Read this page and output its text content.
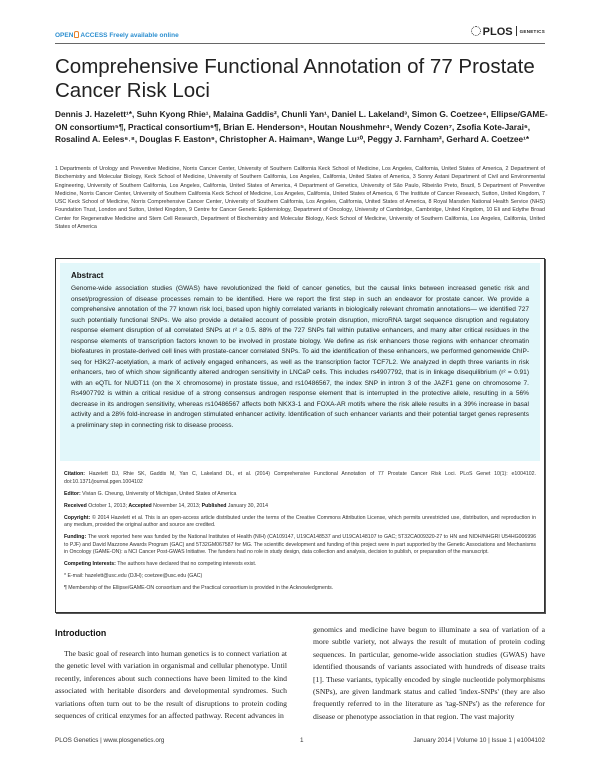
OPEN ACCESS Freely available online	PLOS GENETICS
Comprehensive Functional Annotation of 77 Prostate Cancer Risk Loci
Dennis J. Hazelett¹*, Suhn Kyong Rhie¹, Malaina Gaddis², Chunli Yan¹, Daniel L. Lakeland³, Simon G. Coetzee⁴, Ellipse/GAME-ON consortium⁵¶, Practical consortium⁶¶, Brian E. Henderson⁵, Houtan Noushmehr⁴, Wendy Cozen⁷, Zsofia Kote-Jarai⁶, Rosalind A. Eeles⁶˒⁸, Douglas F. Easton⁹, Christopher A. Haiman⁵, Wange Lu¹⁰, Peggy J. Farnham², Gerhard A. Coetzee¹*
1 Departments of Urology and Preventive Medicine, Norris Cancer Center, University of Southern California Keck School of Medicine, Los Angeles, California, United States of America, 2 Department of Biochemistry and Molecular Biology, Keck School of Medicine, University of Southern California, Los Angeles, California, United States of America, 3 Sonny Astani Department of Civil and Environmental Engineering, University of Southern California, Los Angeles, California, United States of America, 4 Department of Genetics, University of São Paulo, Ribeirão Preto, Brazil, 5 Department of Preventive Medicine, Norris Cancer Center, University of Southern California Keck School of Medicine, Los Angeles, California, United States of America, 6 The Institute of Cancer Research, Sutton, United Kingdom, 7 USC Keck School of Medicine, Norris Comprehensive Cancer Center, University of Southern California, Los Angeles, California, United States of America, 8 Royal Marsden National Health Service (NHS) Foundation Trust, London and Sutton, United Kingdom, 9 Centre for Cancer Genetic Epidemiology, Department of Oncology, University of Cambridge, Cambridge, United Kingdom, 10 Eli and Edythe Broad Center for Regenerative Medicine and Stem Cell Research, Department of Biochemistry and Molecular Biology, Keck School of Medicine, University of Southern California, Los Angeles, California, United States of America
Abstract

Genome-wide association studies (GWAS) have revolutionized the field of cancer genetics, but the causal links between increased genetic risk and onset/progression of disease processes remain to be identified. Here we report the first step in such an endeavor for prostate cancer. We provide a comprehensive annotation of the 77 known risk loci, based upon highly correlated variants in biologically relevant chromatin annotations— we identified 727 such potentially functional SNPs. We also provide a detailed account of possible protein disruption, microRNA target sequence disruption and regulatory response element disruption of all correlated SNPs at r² ≥ 0.5. 88% of the 727 SNPs fall within putative enhancers, and many alter critical residues in the response elements of transcription factors known to be involved in prostate biology. We define as risk enhancers those regions with enhancer chromatin biofeatures in prostate-derived cell lines with prostate-cancer correlated SNPs. To aid the identification of these enhancers, we performed genomewide ChIP-seq for H3K27-acetylation, a mark of actively engaged enhancers, as well as the transcription factor TCF7L2. We analyzed in depth three variants in risk enhancers, two of which show significantly altered androgen sensitivity in LNCaP cells. This includes rs4907792, that is in linkage disequilibrium (r² = 0.91) with an eQTL for NUDT11 (on the X chromosome) in prostate tissue, and rs10486567, the index SNP in intron 3 of the JAZF1 gene on chromosome 7. Rs4907792 is within a critical residue of a strong consensus androgen response element that is interrupted in the protective allele, resulting in a 56% decrease in its androgen sensitivity, whereas rs10486567 affects both NKX3-1 and FOXA-AR motifs where the risk allele results in a 39% increase in basal activity and a 28% fold-increase in androgen stimulated enhancer activity. Identification of such enhancer variants and their potential target genes represents a preliminary step in connecting risk to disease process.

Citation: Hazelett DJ, Rhie SK, Gaddis M, Yan C, Lakeland DL, et al. (2014) Comprehensive Functional Annotation of 77 Prostate Cancer Risk Loci. PLoS Genet 10(1): e1004102. doi:10.1371/journal.pgen.1004102

Editor: Vivian G. Cheung, University of Michigan, United States of America

Received October 1, 2013; Accepted November 14, 2013; Published January 30, 2014

Copyright: © 2014 Hazelett et al. This is an open-access article distributed under the terms of the Creative Commons Attribution License, which permits unrestricted use, distribution, and reproduction in any medium, provided the original author and source are credited.

Funding: The work reported here was funded by the National Institutes of Health (NIH) (CA109147, U19CA148537 and U19CA148107 to GAC; 5T32CA009320-27 to HN and NIDH/NHGRI U54HG006996 to PJF) and David Mazzone Awards Program (GAC) and 5T32GM067587 for MG. The scientific development and funding of this project were in part supported by the Genetic Associations and Mechanisms in Oncology (GAME-ON): a NCI Cancer Post-GWAS Initiative. The funders had no role in study design, data collection and analysis, decision to publish, or preparation of the manuscript.

Competing Interests: The authors have declared that no competing interests exist.

* E-mail: hazelett@usc.edu (DJH); coetzee@usc.edu (GAC)

¶ Membership of the Ellipse/GAME-ON consortium and the Practical consortium is provided in the Acknowledgments.

Introduction
The basic goal of research into human genetics is to connect variation at the genetic level with variation in organismal and cellular phenotype. Until recently, inferences about such connections have been limited to the kind associated with heritable disorders and developmental syndromes. Such variations often turn out to be the result of disruptions to protein coding sequences of critical enzymes for an affected pathway. Recent advances in
genomics and medicine have begun to illuminate a sea of variation of a more subtle variety, not always the result of mutation of protein coding sequences. In particular, genome-wide association studies (GWAS) have identified thousands of variants associated with hundreds of disease traits [1]. These variants, typically encoded by single nucleotide polymorphisms (SNPs), are given landmark status and called 'index-SNPs' (they are also frequently referred to in the literature as 'tag-SNPs') as the reference for disease or phenotype association in that region. The vast majority
PLOS Genetics | www.plosgenetics.org	1	January 2014 | Volume 10 | Issue 1 | e1004102
